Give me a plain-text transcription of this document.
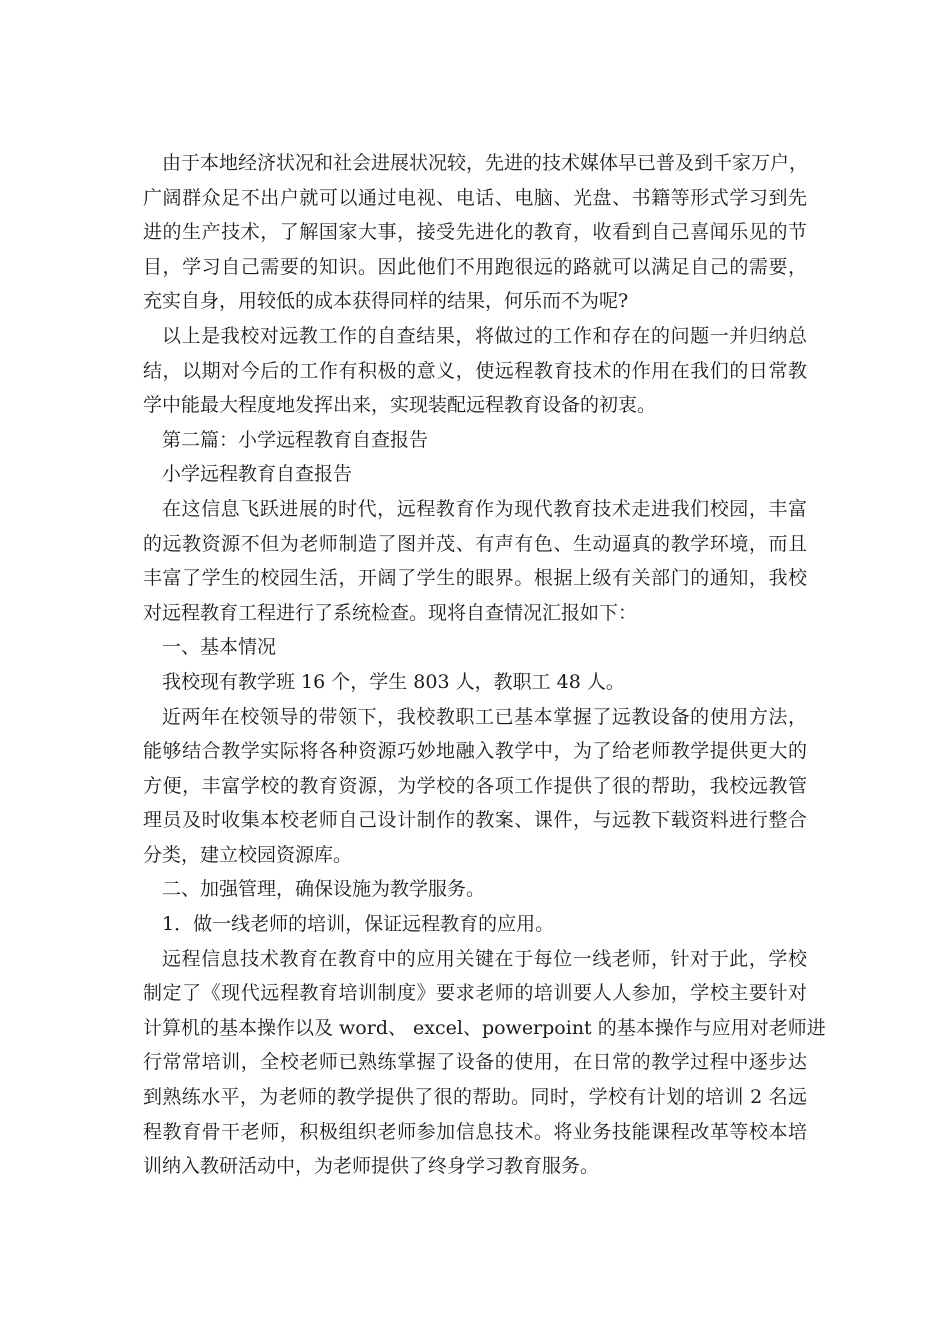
由于本地经济状况和社会进展状况较，先进的技术媒体早已普及到千家万户，
广阔群众足不出户就可以通过电视、电话、电脑、光盘、书籍等形式学习到先
进的生产技术，了解国家大事，接受先进化的教育，收看到自己喜闻乐见的节
目，学习自己需要的知识。因此他们不用跑很远的路就可以满足自己的需要，
充实自身，用较低的成本获得同样的结果，何乐而不为呢?
以上是我校对远教工作的自查结果，将做过的工作和存在的问题一并归纳总
结，以期对今后的工作有积极的意义，使远程教育技术的作用在我们的日常教
学中能最大程度地发挥出来，实现装配远程教育设备的初衷。
第二篇：小学远程教育自查报告
小学远程教育自查报告
在这信息飞跃进展的时代，远程教育作为现代教育技术走进我们校园，丰富
的远教资源不但为老师制造了图并茂、有声有色、生动逼真的教学环境，而且
丰富了学生的校园生活，开阔了学生的眼界。根据上级有关部门的通知，我校
对远程教育工程进行了系统检查。现将自查情况汇报如下：
一、基本情况
我校现有教学班 16 个，学生 803 人，教职工 48 人。
近两年在校领导的带领下，我校教职工已基本掌握了远教设备的使用方法，
能够结合教学实际将各种资源巧妙地融入教学中，为了给老师教学提供更大的
方便，丰富学校的教育资源，为学校的各项工作提供了很的帮助，我校远教管
理员及时收集本校老师自己设计制作的教案、课件，与远教下载资料进行整合
分类，建立校园资源库。
二、加强管理，确保设施为教学服务。
1．做一线老师的培训，保证远程教育的应用。
远程信息技术教育在教育中的应用关键在于每位一线老师，针对于此，学校
制定了《现代远程教育培训制度》要求老师的培训要人人参加，学校主要针对
计算机的基本操作以及 word、 excel、powerpoint 的基本操作与应用对老师进
行常常培训，全校老师已熟练掌握了设备的使用，在日常的教学过程中逐步达
到熟练水平，为老师的教学提供了很的帮助。同时，学校有计划的培训 2 名远
程教育骨干老师，积极组织老师参加信息技术。将业务技能课程改革等校本培
训纳入教研活动中，为老师提供了终身学习教育服务。
